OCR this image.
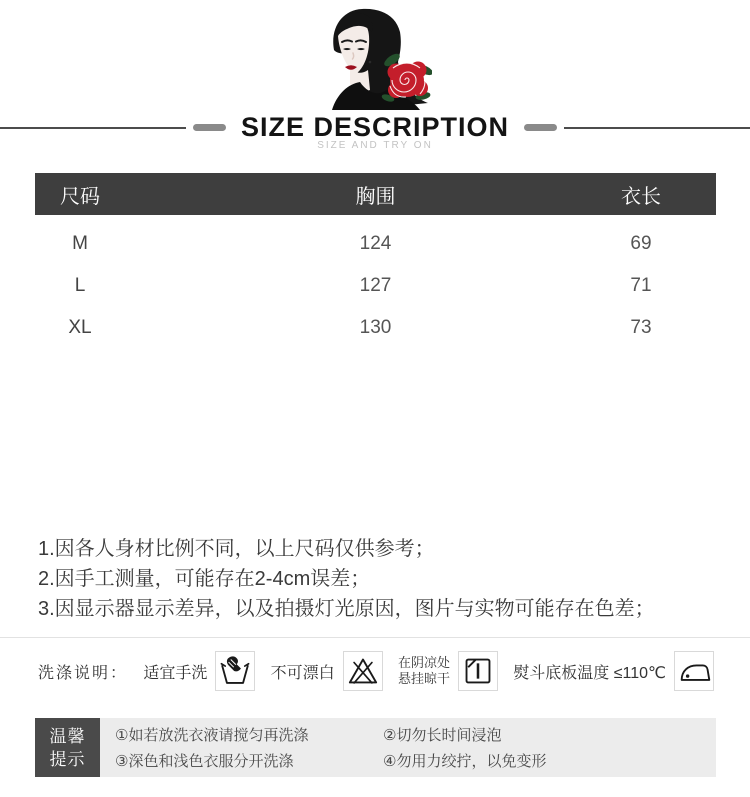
SIZE DESCRIPTION
SIZE AND TRY ON
尺码	胸围	衣长
M	124	69
L	127	71
XL	130	73
1.因各人身材比例不同，以上尺码仅供参考；
2.因手工测量，可能存在2-4cm误差；
3.因显示器显示差异，以及拍摄灯光原因，图片与实物可能存在色差；
洗涤说明： 适宜手洗	不可漂白
在阴凉处
悬挂晾干	熨斗底板温度 ≤110℃
温馨
提示
①如若放洗衣液请搅匀再洗涤	②切勿长时间浸泡
③深色和浅色衣服分开洗涤	④勿用力绞拧，以免变形
